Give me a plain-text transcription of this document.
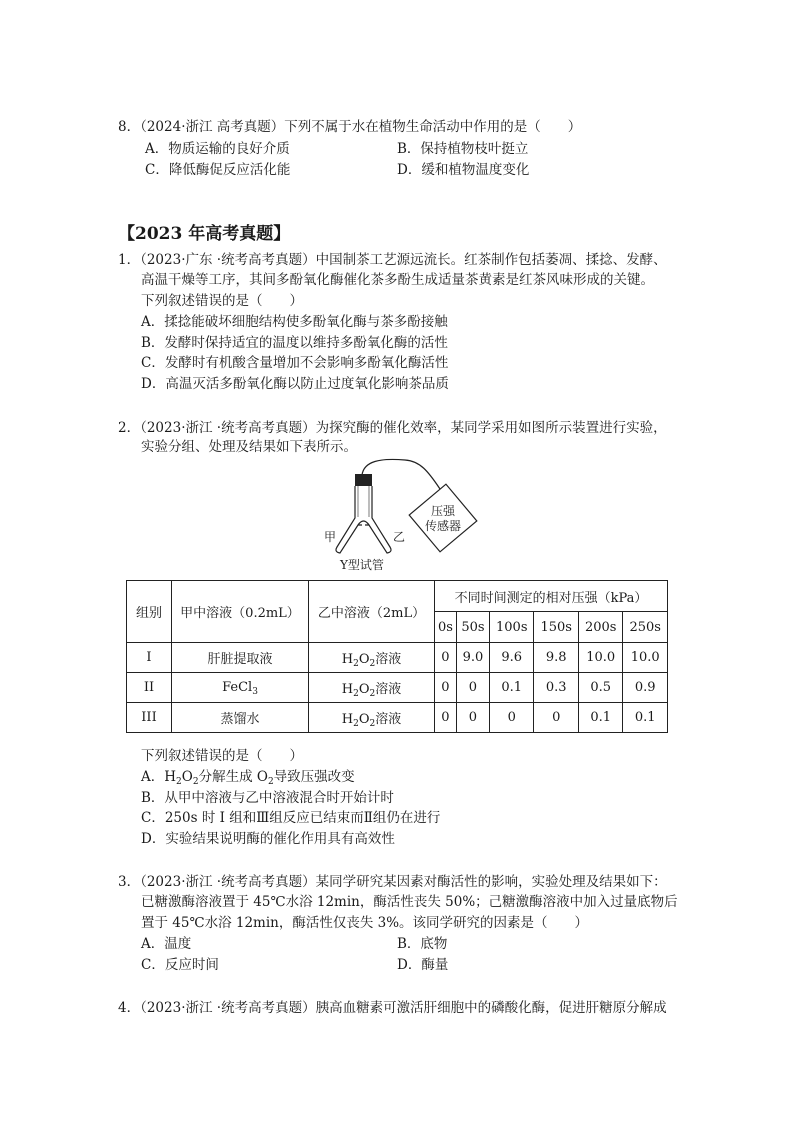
8．（2024·浙江 高考真题）下列不属于水在植物生命活动中作用的是（　　）
A．物质运输的良好介质	B．保持植物枝叶挺立
C．降低酶促反应活化能	D．缓和植物温度变化
【2023 年高考真题】
1．（2023·广东 ·统考高考真题）中国制茶工艺源远流长。红茶制作包括萎凋、揉捻、发酵、
高温干燥等工序，其间多酚氧化酶催化茶多酚生成适量茶黄素是红茶风味形成的关键。
下列叙述错误的是（　　）
A．揉捻能破坏细胞结构使多酚氧化酶与茶多酚接触
B．发酵时保持适宜的温度以维持多酚氧化酶的活性
C．发酵时有机酸含量增加不会影响多酚氧化酶活性
D．高温灭活多酚氧化酶以防止过度氧化影响茶品质
2．（2023·浙江 ·统考高考真题）为探究酶的催化效率，某同学采用如图所示装置进行实验，
实验分组、处理及结果如下表所示。
压强
传感器
甲	乙
Y型试管
组别	甲中溶液（0.2mL）	乙中溶液（2mL）	不同时间测定的相对压强（kPa）					
			0s	50s	100s	150s	200s	250s
I	肝脏提取液	$H_2O_2$溶液	0	9.0	9.6	9.8	10.0	10.0
II	FeCl$_3$	$H_2O_2$溶液	0	0	0.1	0.3	0.5	0.9
III	蒸馏水	$H_2O_2$溶液	0	0	0	0	0.1	0.1
下列叙述错误的是（　　）
A．$H_2O_2$分解生成 $O_2$导致压强改变
B．从甲中溶液与乙中溶液混合时开始计时
C．250s 时 I 组和Ⅲ组反应已结束而Ⅱ组仍在进行
D．实验结果说明酶的催化作用具有高效性
3．（2023·浙江 ·统考高考真题）某同学研究某因素对酶活性的影响，实验处理及结果如下：
已糖激酶溶液置于 45℃水浴 12min，酶活性丧失 50%；己糖激酶溶液中加入过量底物后
置于 45℃水浴 12min，酶活性仅丧失 3%。该同学研究的因素是（　　）
A．温度	B．底物
C．反应时间	D．酶量
4．（2023·浙江 ·统考高考真题）胰高血糖素可激活肝细胞中的磷酸化酶，促进肝糖原分解成
